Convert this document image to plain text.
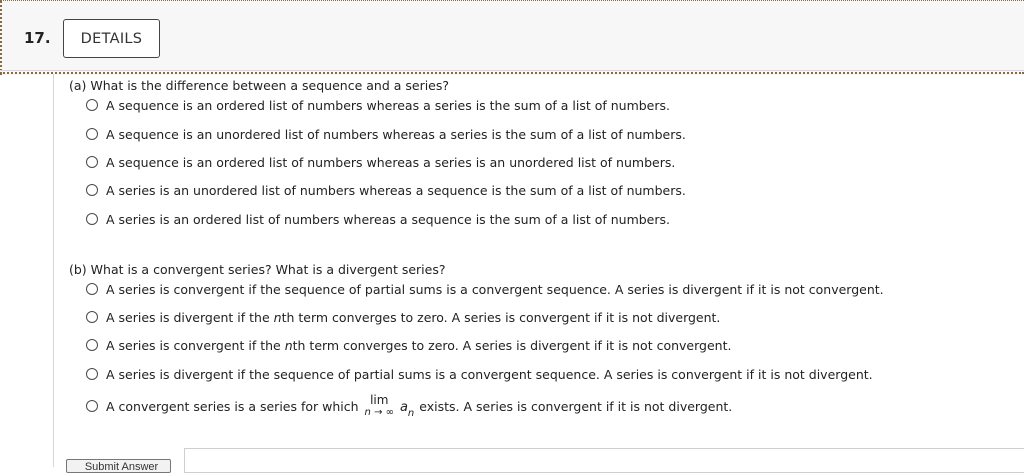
17.	DETAILS
(a) What is the difference between a sequence and a series?
A sequence is an ordered list of numbers whereas a series is the sum of a list of numbers.
A sequence is an unordered list of numbers whereas a series is the sum of a list of numbers.
A sequence is an ordered list of numbers whereas a series is an unordered list of numbers.
A series is an unordered list of numbers whereas a sequence is the sum of a list of numbers.
A series is an ordered list of numbers whereas a sequence is the sum of a list of numbers.
(b) What is a convergent series? What is a divergent series?
A series is convergent if the sequence of partial sums is a convergent sequence. A series is divergent if it is not convergent.
A series is divergent if the nth term converges to zero. A series is convergent if it is not divergent.
A series is convergent if the nth term converges to zero. A series is divergent if it is not convergent.
A series is divergent if the sequence of partial sums is a convergent sequence. A series is convergent if it is not divergent.
A convergent series is a series for which lim
n → ∞ $a_n$ exists. A series is convergent if it is not divergent.
Submit Answer
